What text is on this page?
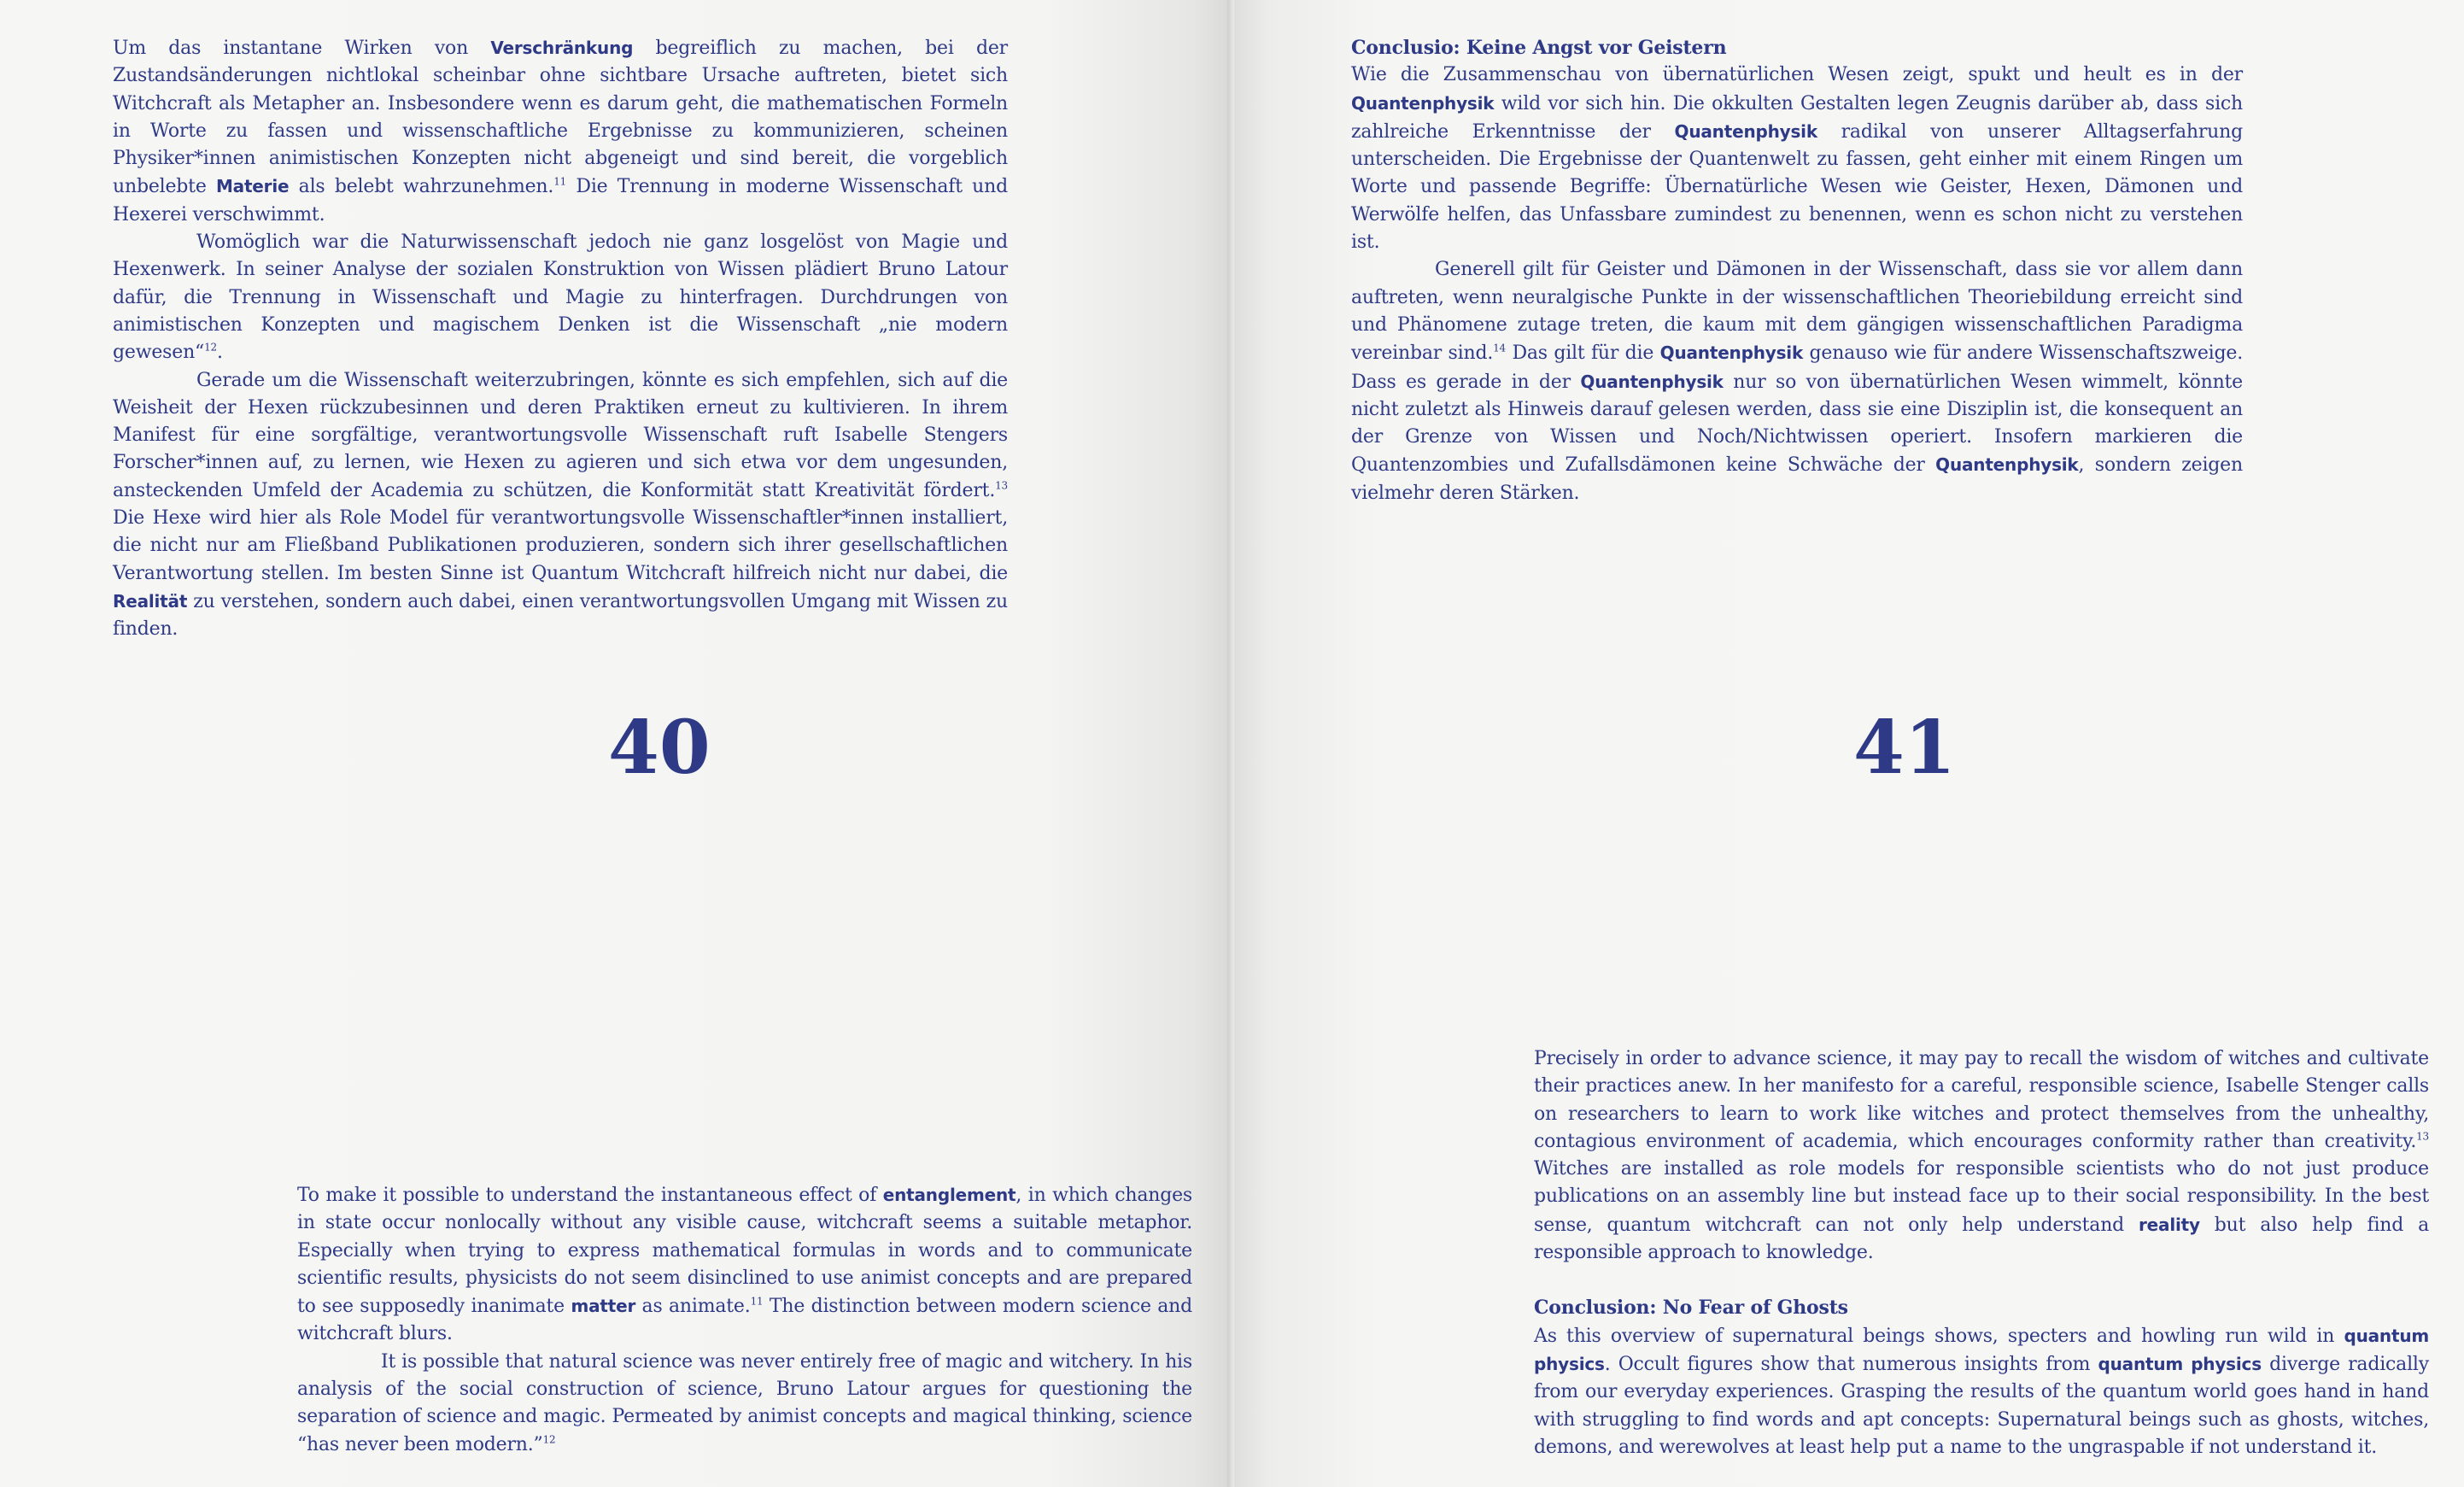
Um das instantane Wirken von Verschränkung begreiflich zu machen, bei der Zustandsänderungen nichtlokal scheinbar ohne sichtbare Ursache auftreten, bietet sich Witchcraft als Metapher an. Insbesondere wenn es darum geht, die mathematischen Formeln in Worte zu fassen und wissenschaftliche Ergebnisse zu kommunizieren, scheinen Physiker*innen animistischen Konzepten nicht abgeneigt und sind bereit, die vorgeblich unbelebte Materie als belebt wahrzunehmen.$^{11}$ Die Trennung in moderne Wissenschaft und Hexerei verschwimmt.

Womöglich war die Naturwissenschaft jedoch nie ganz losgelöst von Magie und Hexenwerk. In seiner Analyse der sozialen Konstruktion von Wissen plädiert Bruno Latour dafür, die Trennung in Wissenschaft und Magie zu hinterfragen. Durchdrungen von animistischen Konzepten und magischem Denken ist die Wissenschaft „nie modern gewesen“$^{12}$.

Gerade um die Wissenschaft weiterzubringen, könnte es sich empfehlen, sich auf die Weisheit der Hexen rückzubesinnen und deren Praktiken erneut zu kultivieren. In ihrem Manifest für eine sorgfältige, verantwortungsvolle Wissenschaft ruft Isabelle Stengers Forscher*innen auf, zu lernen, wie Hexen zu agieren und sich etwa vor dem ungesunden, ansteckenden Umfeld der Academia zu schützen, die Konformität statt Kreativität fördert.$^{13}$ Die Hexe wird hier als Role Model für verantwortungsvolle Wissenschaftler*innen installiert, die nicht nur am Fließband Publikationen produzieren, sondern sich ihrer gesellschaftlichen Verantwortung stellen. Im besten Sinne ist Quantum Witchcraft hilfreich nicht nur dabei, die Realität zu verstehen, sondern auch dabei, einen verantwortungsvollen Umgang mit Wissen zu finden.

40

To make it possible to understand the instantaneous effect of entanglement, in which changes in state occur nonlocally without any visible cause, witchcraft seems a suitable metaphor. Especially when trying to express mathematical formulas in words and to communicate scientific results, physicists do not seem disinclined to use animist concepts and are prepared to see supposedly inanimate matter as animate.$^{11}$ The distinction between modern science and witchcraft blurs.

It is possible that natural science was never entirely free of magic and witchery. In his analysis of the social construction of science, Bruno Latour argues for questioning the separation of science and magic. Permeated by animist concepts and magical thinking, science “has never been modern.”$^{12}$

Conclusio: Keine Angst vor Geistern

Wie die Zusammenschau von übernatürlichen Wesen zeigt, spukt und heult es in der Quantenphysik wild vor sich hin. Die okkulten Gestalten legen Zeugnis darüber ab, dass sich zahlreiche Erkenntnisse der Quantenphysik radikal von unserer Alltagserfahrung unterscheiden. Die Ergebnisse der Quantenwelt zu fassen, geht einher mit einem Ringen um Worte und passende Begriffe: Übernatürliche Wesen wie Geister, Hexen, Dämonen und Werwölfe helfen, das Unfassbare zumindest zu benennen, wenn es schon nicht zu verstehen ist.

Generell gilt für Geister und Dämonen in der Wissenschaft, dass sie vor allem dann auftreten, wenn neuralgische Punkte in der wissenschaftlichen Theoriebildung erreicht sind und Phänomene zutage treten, die kaum mit dem gängigen wissenschaftlichen Paradigma vereinbar sind.$^{14}$ Das gilt für die Quantenphysik genauso wie für andere Wissenschaftszweige. Dass es gerade in der Quantenphysik nur so von übernatürlichen Wesen wimmelt, könnte nicht zuletzt als Hinweis darauf gelesen werden, dass sie eine Disziplin ist, die konsequent an der Grenze von Wissen und Noch/Nichtwissen operiert. Insofern markieren die Quantenzombies und Zufallsdämonen keine Schwäche der Quantenphysik, sondern zeigen vielmehr deren Stärken.

41

Precisely in order to advance science, it may pay to recall the wisdom of witches and cultivate their practices anew. In her manifesto for a careful, responsible science, Isabelle Stenger calls on researchers to learn to work like witches and protect themselves from the unhealthy, contagious environment of academia, which encourages conformity rather than creativity.$^{13}$ Witches are installed as role models for responsible scientists who do not just produce publications on an assembly line but instead face up to their social responsibility. In the best sense, quantum witchcraft can not only help understand reality but also help find a responsible approach to knowledge.

Conclusion: No Fear of Ghosts

As this overview of supernatural beings shows, specters and howling run wild in quantum physics. Occult figures show that numerous insights from quantum physics diverge radically from our everyday experiences. Grasping the results of the quantum world goes hand in hand with struggling to find words and apt concepts: Supernatural beings such as ghosts, witches, demons, and werewolves at least help put a name to the ungraspable if not understand it.
